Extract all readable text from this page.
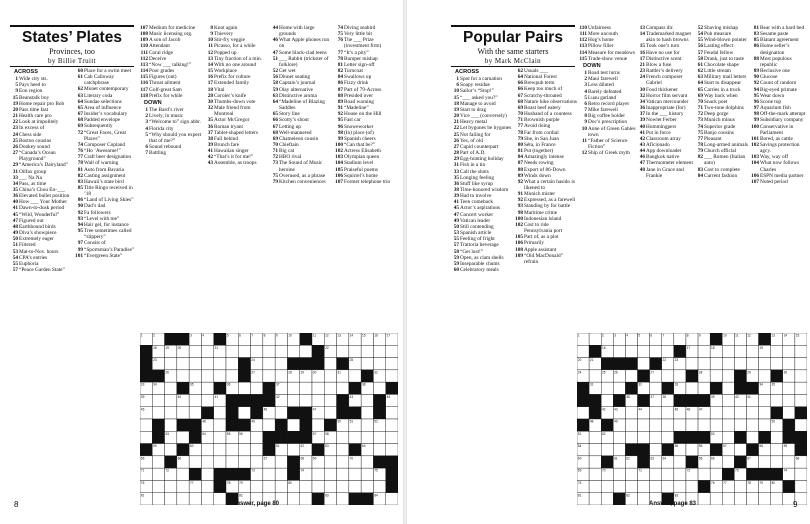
States’ Plates
Provinces, too
by Billie Truitt
ACROSS
1 Wide city sts.
5 Pays heed to
9 Eon region
15 Beanstalk boy
19 Home repair pro Bob
20 Pass time fast
21 Health care pro
22 Look at impolitely
23 In excess of
24 Chess side
25 Boston cousins
26 Donkey sound
27 “Canada’s Ocean Playground”
29 “America’s Dairyland”
31 Oilfax group
33 ___ Na Na
34 Pass, as time
35 China’s Chou En-___
36 Elevated bullet position
40 How ___ Your Mother
41 Dawn-to-dusk period
45 “Wild, Wonderful”
47 Figured out
48 Earthbound birds
49 Diva’s showpiece
50 Extremely eager
51 Filtered
53 Mat-to-Nov. hours
54 CPA’s entries
55 Euphoria
57 “Peace Garden State”
60 Place for a swim meet
61 Cab Calloway catchphrase
62 Monet contemporary
63 Literary coda
64 Sundae selections
65 Area of influence
67 Insider’s vocabulary
68 Padded envelope
69 Subsequently
72 “Great Faces, Great Places”
74 Composer Copland
76 “Ho ’Awesome!”
77 Craft beer designation
78 Wall of warning
81 Auto from Bavaria
82 Casting assignment
83 Hawaii’s state bird
85 Title Ringo received in ’18
86 “Land of Living Skies”
90 Dad’s dad
92 Fa followers
93 “Level with me”
94 Hair gel, for instance
95 Tree sometimes called “slippery”
97 Consist of
99 “Sportsman’s Paradise”
101 “Evergreen State”
107 Medium for medicine
108 Music licensing org.
109 A son of Jacob
110 Attendant
111 Coral ridge
112 Deceive
113 “Now ___ talking!”
114 Poor grades
115 Figures (out)
116 Throat ailment
117 Golf-great Sam
118 Prefix for while
DOWN
1 The Bard’s river
2 Lively, in music
3 “Welcome to” sign abbr.
4 Florida city
5 “Why should you expect that of me?”
6 Sound rebound
7 Battling
8 Knot again
9 Thievery
10 Stir-fry veggie
11 Picasso, for a while
12 Popped up
13 Tiny fraction of a min.
14 With no one around
15 Workplace
16 Prefix for culture
17 Extended family
18 Vital
28 Coroler’s knife
30 Thumbs-down vote
32 Male friend from Montreal
35 Actor McGregor
36 Roman tryant
37 Tablet-shaped letters
38 Fall behind
39 Brunch fare
41 Hawaiian singer
42 “That’s it for me!”
43 Assemble, as troops
44 Home with large grounds
46 What Apple phones run on
47 Some black-clad teens
51 ___ Rabbit (trickster of folklore)
52 Get wet
56 Dinner seating
58 Captain’s journal
59 Olay alternative
63 Distinctive aroma
64 “Madeline of Blazing Saddles
65 Story line
66 Scotty’s shout
67 Letting up
68 Well-mannered
69 Chameleon cousin
70 Chieftain
71 Big cat
72 HBO rival
73 The Sound of Music heroine
75 Overused, as a phrase
79 Kitchen conveniences
74 Diving seabird
75 Very little bit
76 The ___ Prize (investment firm)
77 “It’s a pity”
78 Bumper mishap
81 Letter sign-off
82 Turncoat
84 Swallows up
86 Fizzy drink
87 Part of 79-Across
88 Presided over
89 Road warning
91 “Madeline”
92 House on the Hill
95 Fast car
96 Snoweworker
98 (In) place (of)
99 Spanish cheers
100 “Can that be?”
102 Actress Elisabeth
103 Olympian queen
104 Stadium level
105 Praiseful poems
106 Squirrel’s home
107 Former telephone trio
1	2	3	4	5	6	7	8	9	10	11	12	13	14	15	16	17
18	19	20	21	22
23	24	25
26	27	28	29	30	31	32
33	34	35	36	37	38
39	40	41	42	43	44
45	46	47
48	49	50	51	52
53	54	55	56	57	58
59	60	61	62	63	64
65	66	67	68	69	70
71	72	73	74	75
76	77	78	79	80
81	82	83	84
8	Answer, page 80
Popular Pairs
With the same starters
by Mark McClain
ACROSS
1 Spot for a carnation
6 Soapy residue
10 Sailor’s “Stop!”
15 “___ asked you?”
18 Manage to avoid
19 Start to drag
20 Vice ___ (conversely)
21 Heavy metal
22 Let bygones be bygones
25 Not failing for
26 Yes, of old
27 Cupid counterpart
28 Part of A.D.
29 Egg-hunting holiday
31 Fish in a tin
33 Call the shots
35 Longing feeling
36 Stuff like syrup
38 Time-honored wisdom
39 Had to involve
41 Teen comeback
45 Actor’s aspirations
47 Concert worker
49 Vatican leader
50 Still contending
53 Spanish article
55 Feeling of fright
57 Trattoria beverage
58 “Get lost!”
59 Open, as clam shells
59 Inseparable chums
60 Celebratory meals
62 Usuals ___
64 National Forest
66 Brewpub term
66 Keep too much of
67 Scratchy-throated
68 Nature hike observations
69 Roast beef eatery
70 Husband of a countess
71 Brownish purple
77 Avoid doing
78 Far from cordial
79 She, in San Juan
80 Séta, in France
81 Put (together)
84 Amazingly intense
87 Needs rowing
88 Export of 86-Down
89 Winds down
92 What a certain hasido is likened to
91 Munich mister
92 Expressed, as a farewell
93 Standing by for battle
98 Maritime crime
100 Indonesian island
102 Cost to ride Pennsylvania port
105 Part of, as a plot
106 Primarily
108 Apple assistant
109 “Old MacDonald” refrain
110 Unfairness
111 More uncouth
112 Hog’s home
113 Pillow filler
114 Measure for meadows
115 Trade-show venue
DOWN
1 Road test turns
2 Maui farewell
3 Less diluted
4 Barely defeated
5 Luau garland
6 Retro record player
7 Mike farewell
8 Big coffee holder
9 Doc’s prescription
10 Anne of Green Gables town
11 “Father of Science Fiction”
12 Ship of Greek myth
13 Compass dir.
14 Trademarked magnet akin to hash browns
15 Took one’s turn
16 Have no use for
17 Distinctive scent
21 Blow a fuse
23 Rattler’s delivery
24 French composer Gabriel
30 Food thickener
32 Horror film servant
34 Vatican mercounder
36 Inappropriate (for)
37 In the ___ history
39 Nowlet Ferber
40 Hummingpers
41 Put in force
42 Classroom array
43 Aficionado
44 App downloader
46 Bangkok native
47 Thermometer element
48 Jane in Grace and Frankie
52 Shaving mishap
54 Pub measure
55 Wind-blown pointer
56 Lasting effect
57 Feudal fellow
58 Drank, just to taste
61 Chocolate shape
62 Little stream
63 Military mail letters
64 Start to disappear
65 Carries in a truck
69 Way back when
70 Snack poet
71 Two-tone dolphins
72 Deep gorge
73 Munich minus
74 Superior grade
75 Banjo cousins
77 Pleasant
78 Long-armed animals
79 Church official
82 ___ Romeo (Italian auto)
83 Cost to complete
84 Current fashion
81 Bear with a hard bed
83 Sesame paste
85 Blatant agreement
86 Home seller’s designation
88 Most populous republic
89 Reclusive one
90 Glucose
92 Count of random
94 Big-eyed primate
95 Wear down
96 Scone top
97 Aquarium fish
98 Off-the-mark attempt
99 Subsidiary company
100 Conservative in Parliament
101 Bored, as cattle
102 Savings protection agcy.
103 Way, way off
104 What now follows Charles
106 ESPN media partner
107 Noted period
1	2	3	4	5	6	7	8	9	10	11	12	13	14	15
16	17	18	19
20	21	22	23
24	25	26	27	28	29	30
31	32	33	34	35
36	37	38	39	40	41
42	43	44	45	46	47
48	49	50
51	52	53
54	55	56	57	58	59
60	61	62	63	64	65	66	67	68
69	70	71	72	73	74
75	76	77	78	79	80
81	82	83
9
Answer, page 83
